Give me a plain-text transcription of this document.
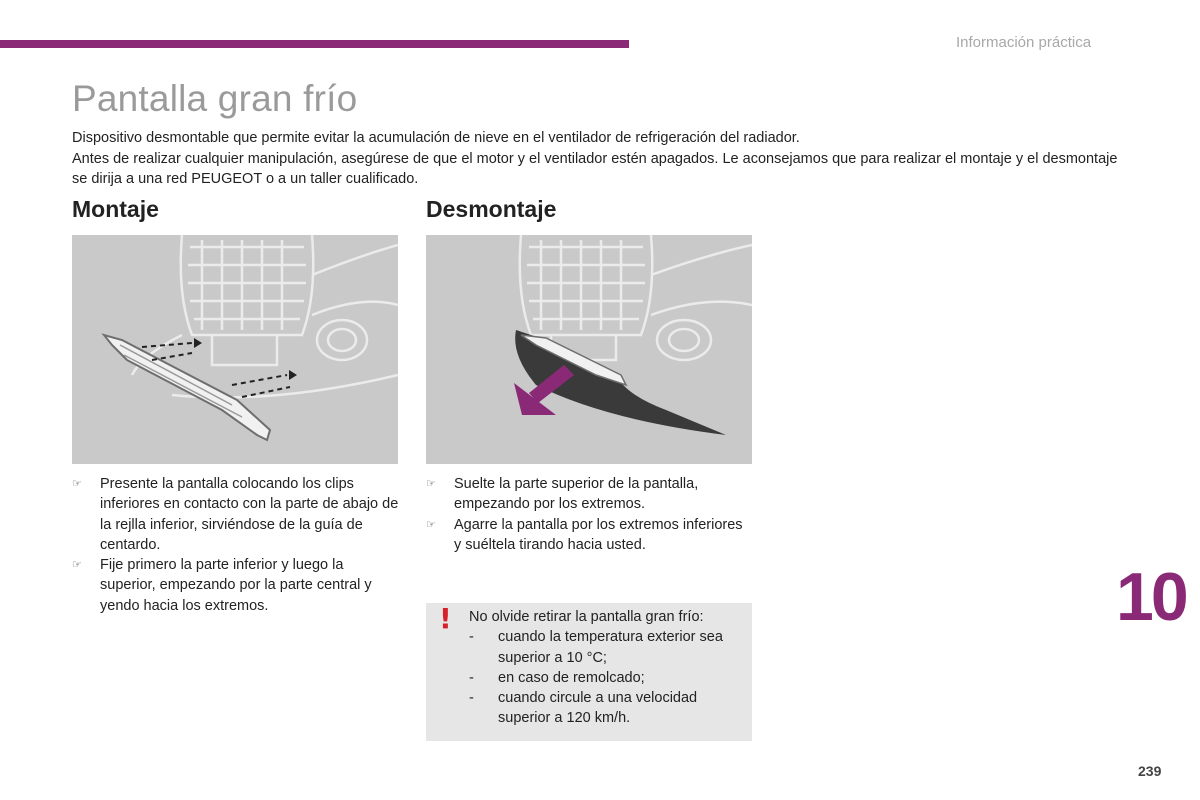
Información práctica
Pantalla gran frío

Dispositivo desmontable que permite evitar la acumulación de nieve en el ventilador de refrigeración del radiador.

Antes de realizar cualquier manipulación, asegúrese de que el motor y el ventilador estén apagados. Le aconsejamos que para realizar el montaje y el desmontaje se dirija a una red PEUGEOT o a un taller cualificado.

Montaje	Desmontaje
☞ Presente la pantalla colocando los clips inferiores en contacto con la parte de abajo de la rejlla inferior, sirviéndose de la guía de centardo.
☞ Fije primero la parte inferior y luego la superior, empezando por la parte central y yendo hacia los extremos.
☞ Suelte la parte superior de la pantalla, empezando por los extremos.
☞ Agarre la pantalla por los extremos inferiores y suéltela tirando hacia usted.
! No olvide retirar la pantalla gran frío:
- cuando la temperatura exterior sea superior a 10 °C;
- en caso de remolcado;
- cuando circule a una velocidad superior a 120 km/h.
10
239
